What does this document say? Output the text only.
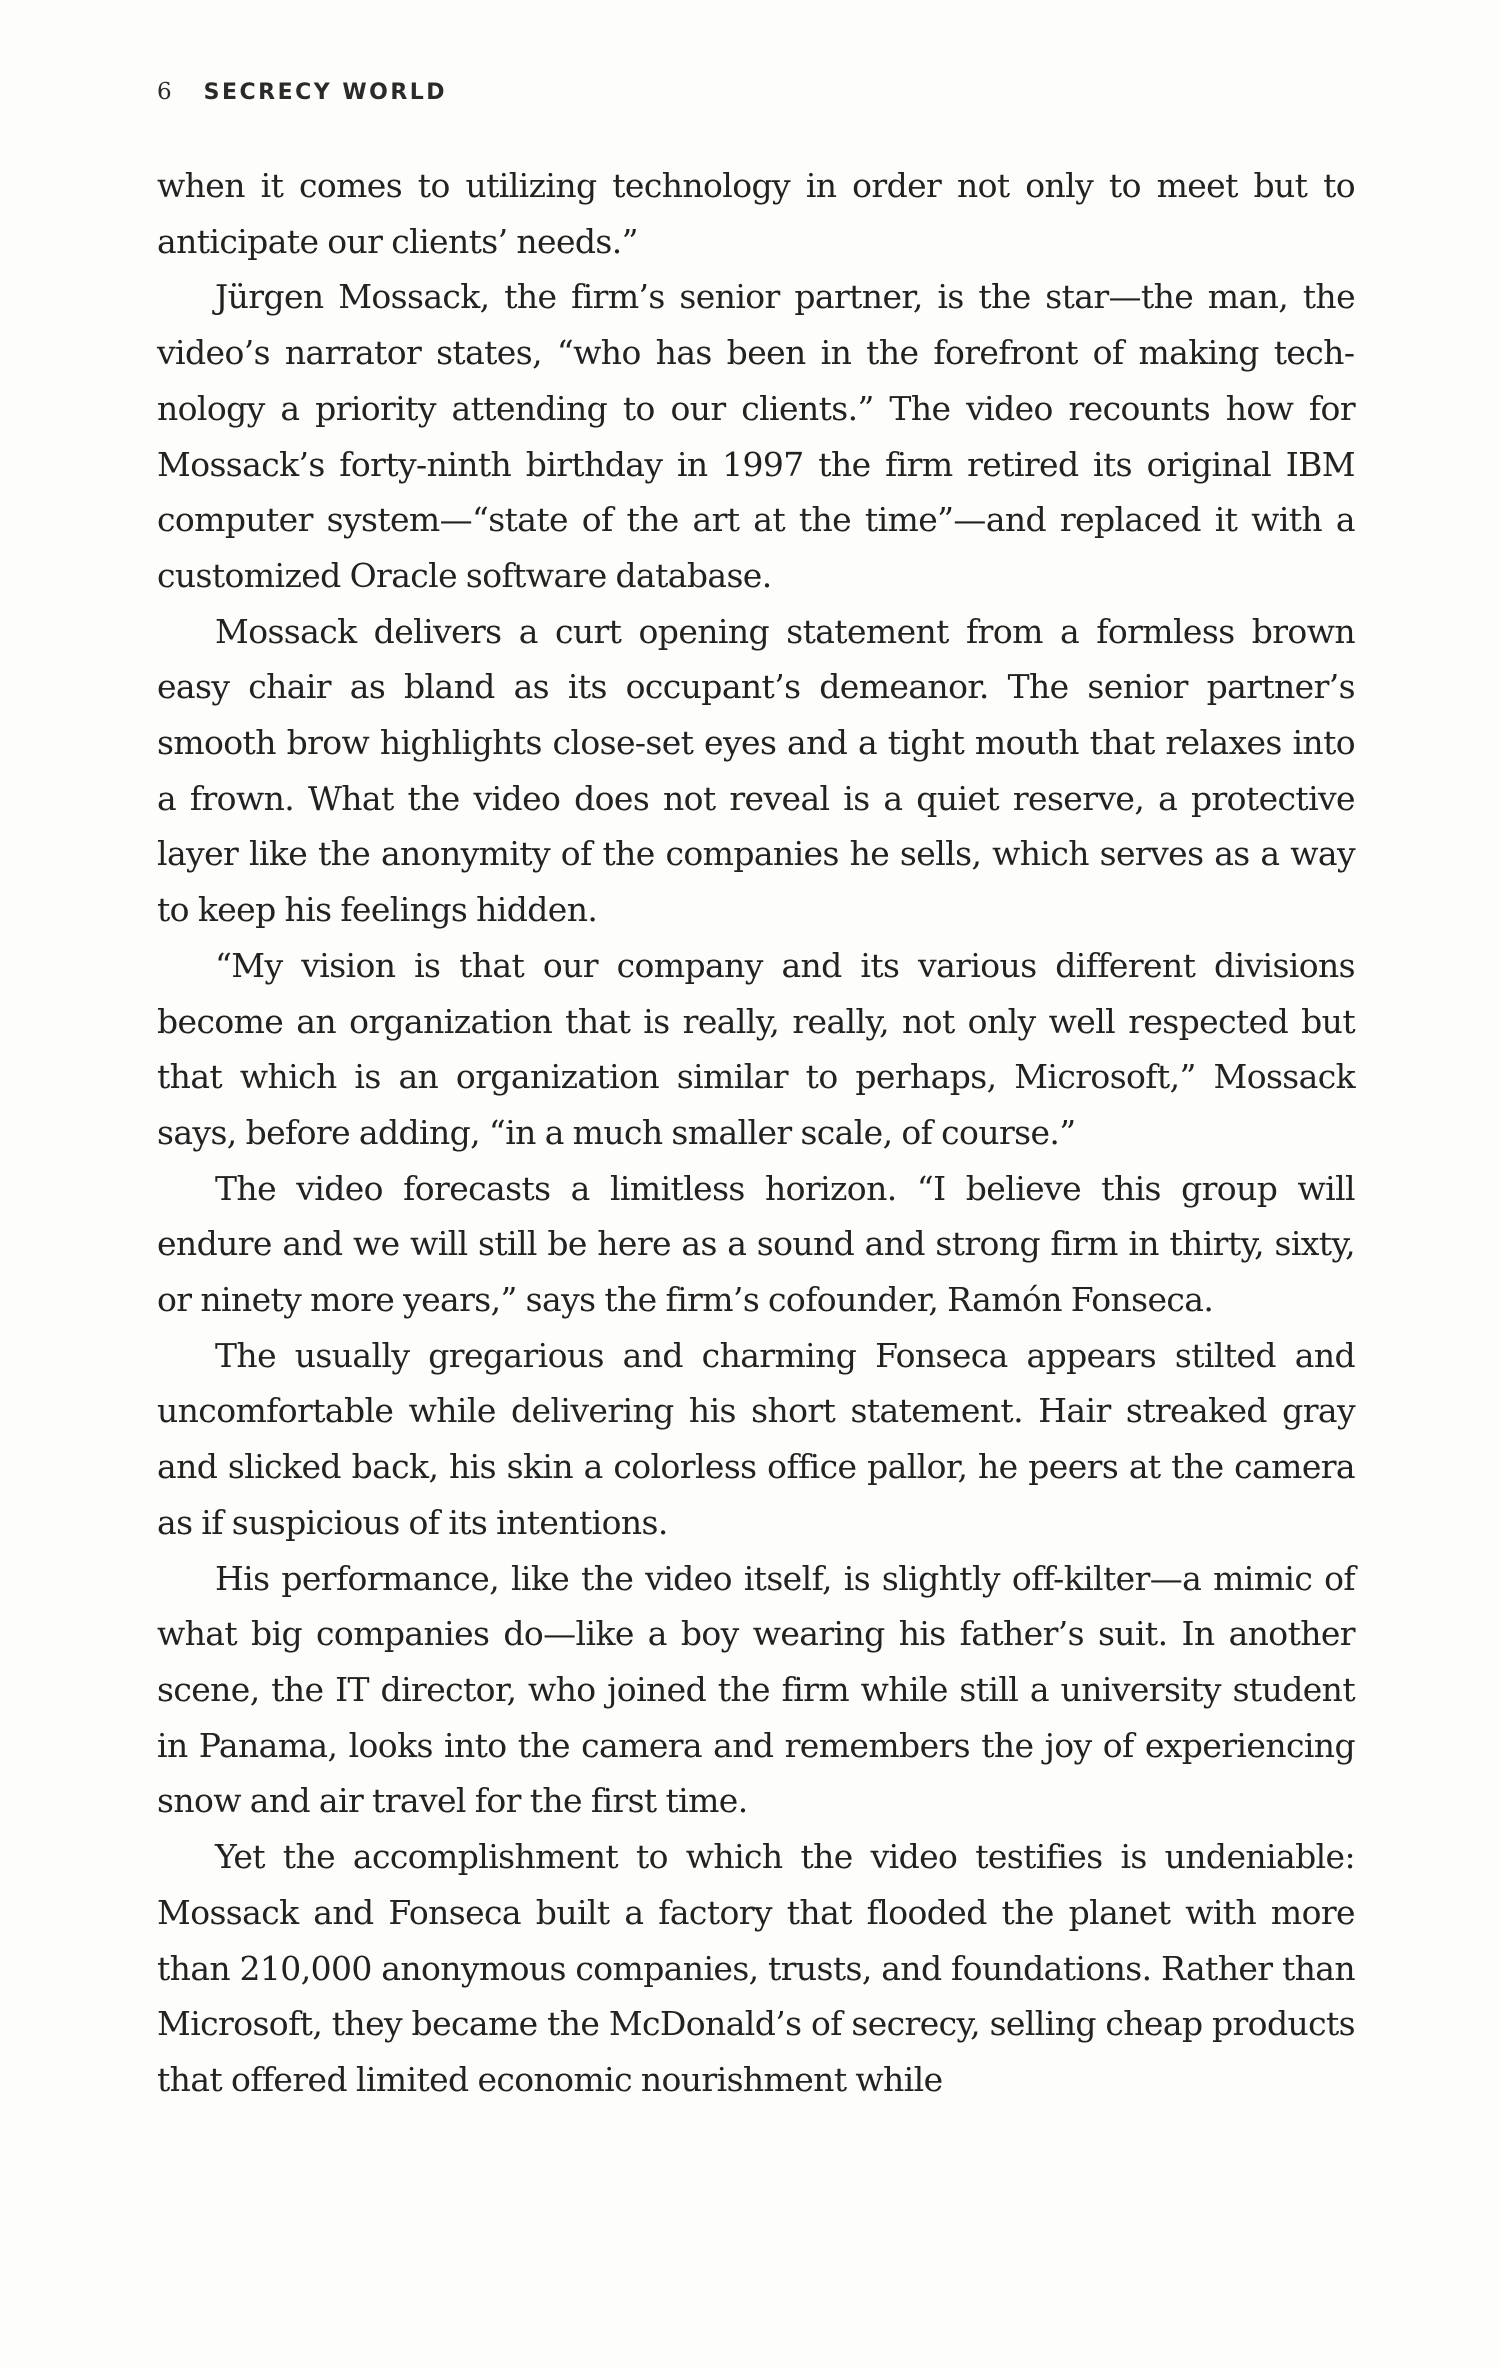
6 SECRECY WORLD

when it comes to utilizing technology in order not only to meet but to anticipate our clients’ needs.”

Jürgen Mossack, the firm’s senior partner, is the star—the man, the video’s narrator states, “who has been in the forefront of making technology a priority attending to our clients.” The video recounts how for Mossack’s forty-ninth birthday in 1997 the firm retired its original IBM computer system—“state of the art at the time”—and replaced it with a customized Oracle software database.

Mossack delivers a curt opening statement from a formless brown easy chair as bland as its occupant’s demeanor. The senior partner’s smooth brow highlights close-set eyes and a tight mouth that relaxes into a frown. What the video does not reveal is a quiet reserve, a protective layer like the anonymity of the companies he sells, which serves as a way to keep his feelings hidden.

“My vision is that our company and its various different divisions become an organization that is really, really, not only well respected but that which is an organization similar to perhaps, Microsoft,” Mossack says, before adding, “in a much smaller scale, of course.”

The video forecasts a limitless horizon. “I believe this group will endure and we will still be here as a sound and strong firm in thirty, sixty, or ninety more years,” says the firm’s cofounder, Ramón Fonseca.

The usually gregarious and charming Fonseca appears stilted and uncomfortable while delivering his short statement. Hair streaked gray and slicked back, his skin a colorless office pallor, he peers at the camera as if suspicious of its intentions.

His performance, like the video itself, is slightly off-kilter—a mimic of what big companies do—like a boy wearing his father’s suit. In another scene, the IT director, who joined the firm while still a university student in Panama, looks into the camera and remembers the joy of experiencing snow and air travel for the first time.

Yet the accomplishment to which the video testifies is undeniable: Mossack and Fonseca built a factory that flooded the planet with more than 210,000 anonymous companies, trusts, and foundations. Rather than Microsoft, they became the McDonald’s of secrecy, selling cheap products that offered limited economic nourishment while
